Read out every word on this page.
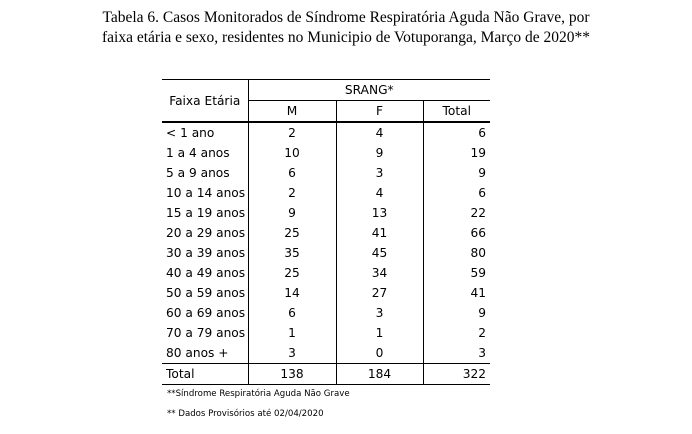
Tabela 6. Casos Monitorados de Síndrome Respiratória Aguda Não Grave, por
faixa etária e sexo, residentes no Municipio de Votuporanga, Março de 2020**
Faixa Etária	SRANG*		
	M	F	Total
< 1 ano	2	4	6
1 a 4 anos	10	9	19
5 a 9 anos	6	3	9
10 a 14 anos	2	4	6
15 a 19 anos	9	13	22
20 a 29 anos	25	41	66
30 a 39 anos	35	45	80
40 a 49 anos	25	34	59
50 a 59 anos	14	27	41
60 a 69 anos	6	3	9
70 a 79 anos	1	1	2
80 anos +	3	0	3
Total	138	184	322
**Síndrome Respiratória Aguda Não Grave
** Dados Provisórios até 02/04/2020
